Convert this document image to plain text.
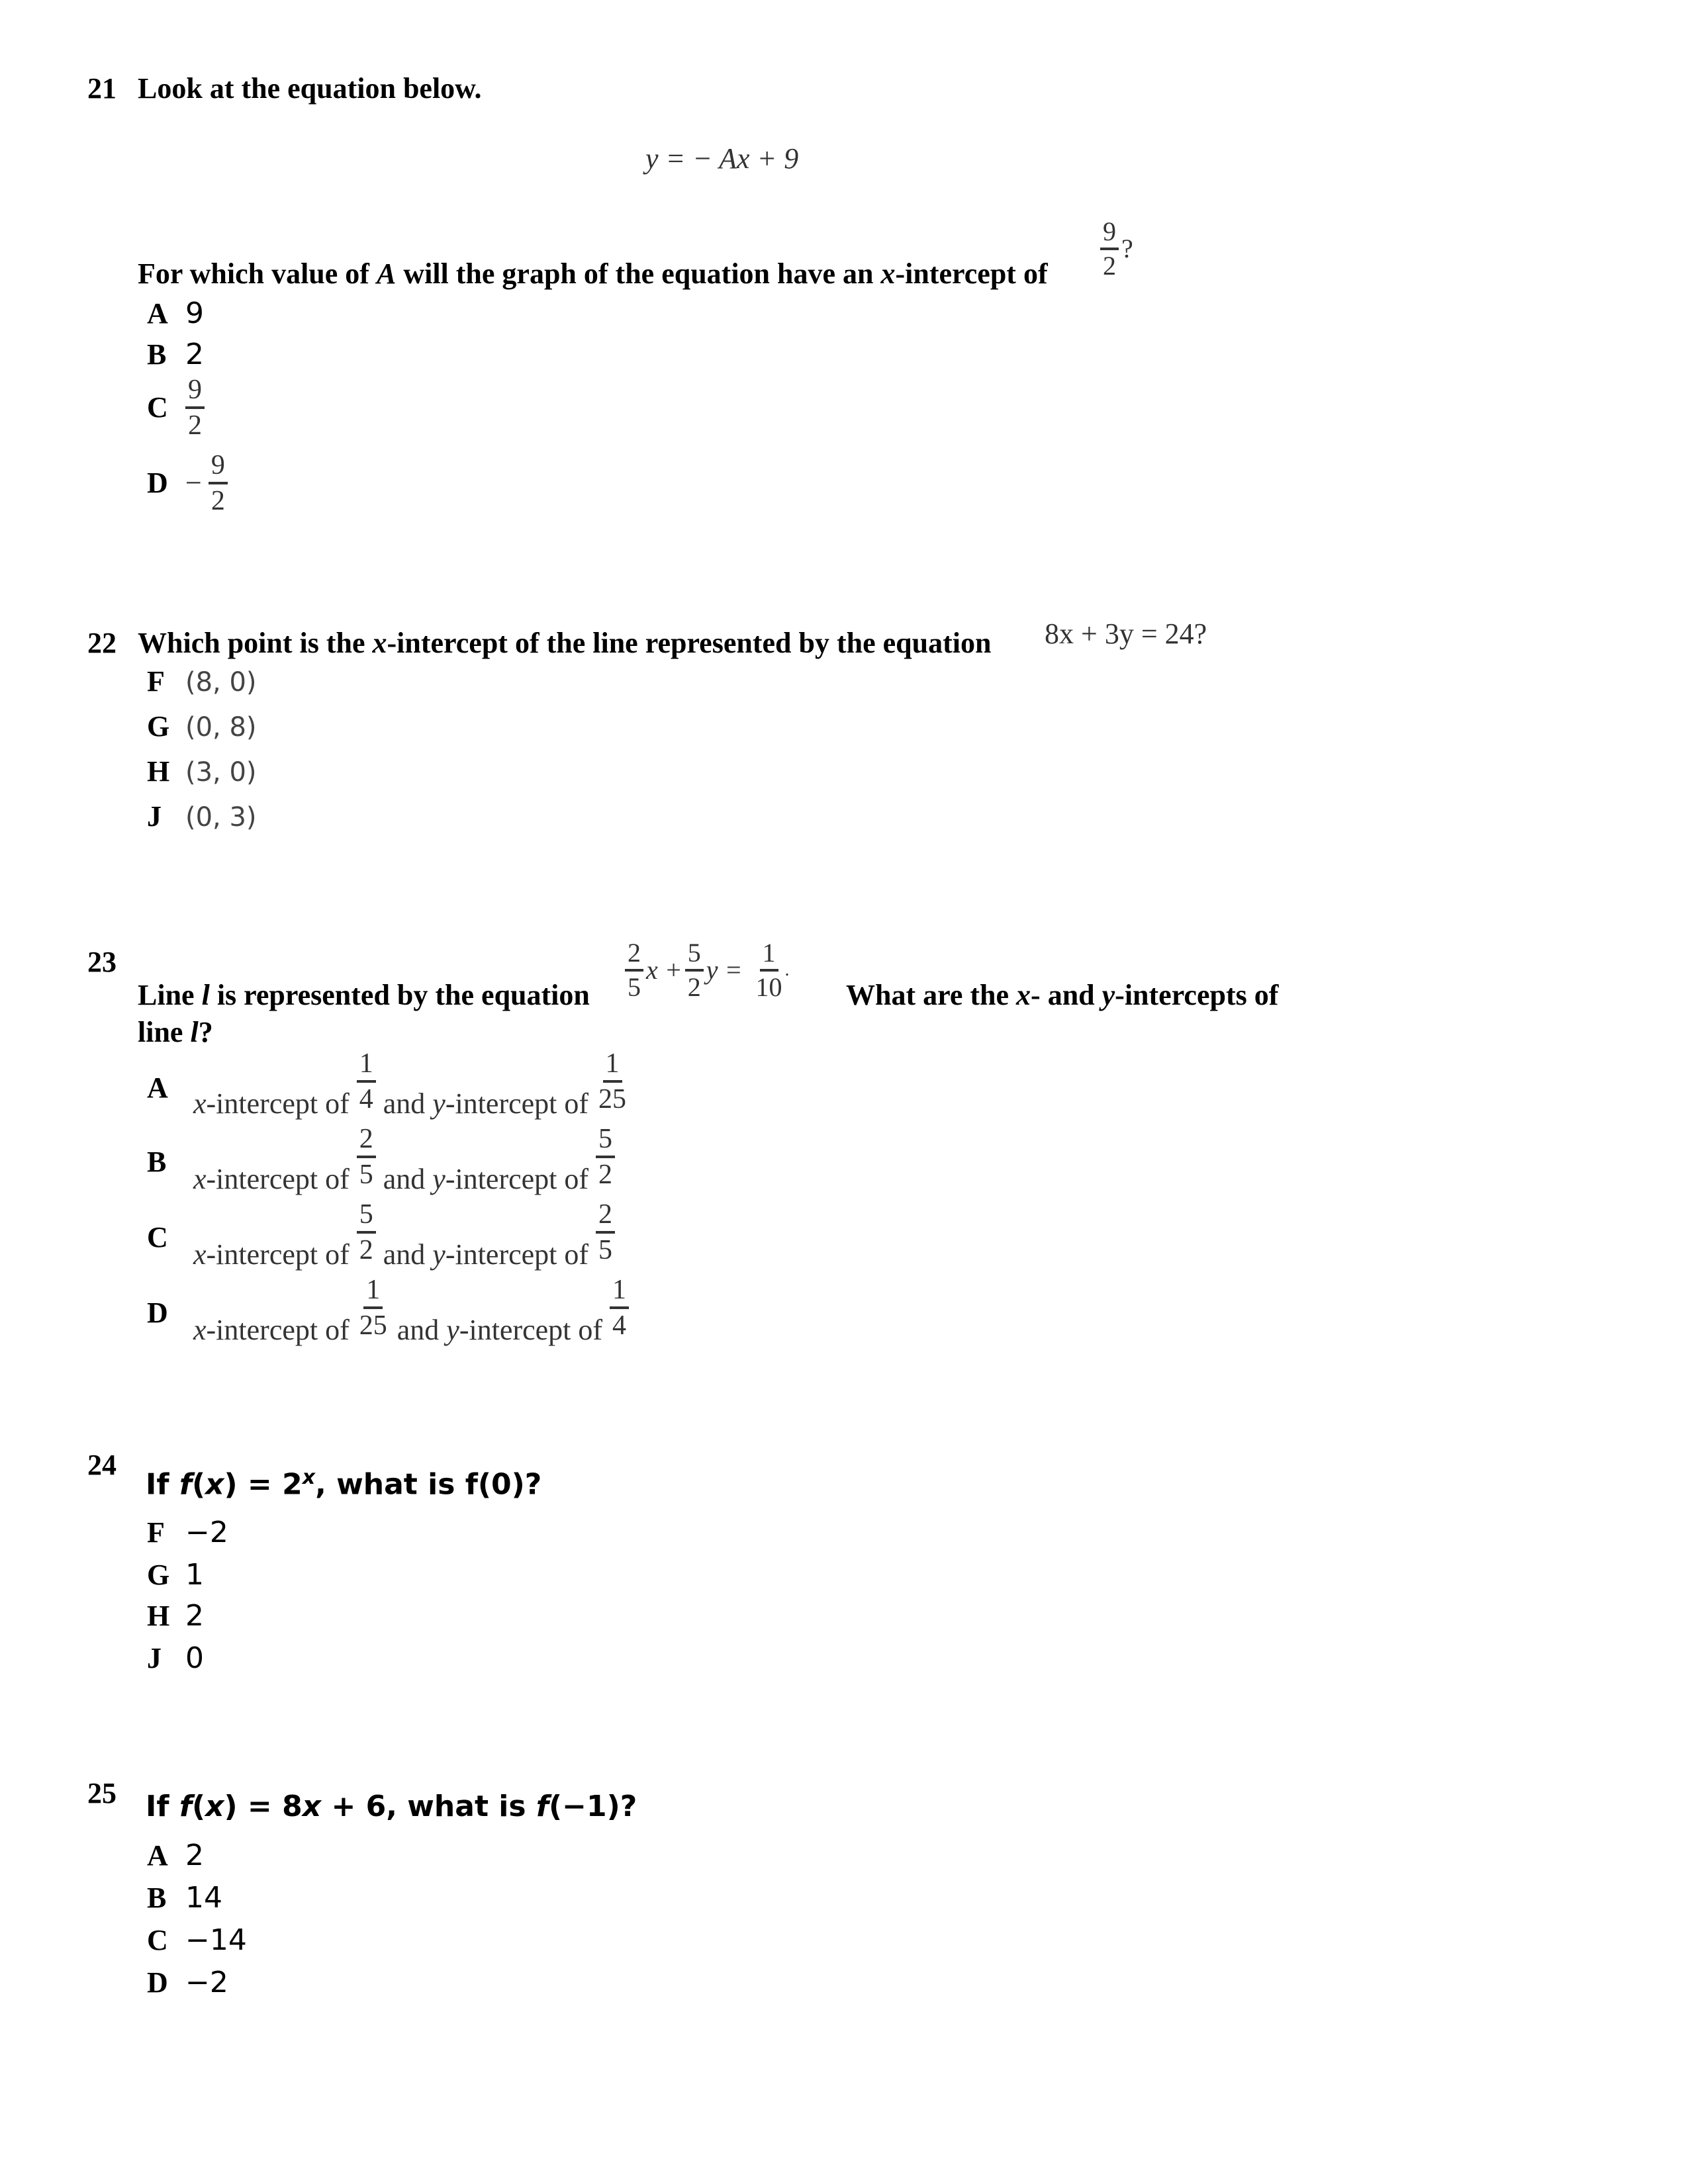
21 Look at the equation below.
y = − Ax + 9
For which value of A will the graph of the equation have an x-intercept of $\frac{9}{2}$ ?
A 9
B 2
C $\frac{9}{2}$
$D - \frac{9}{2}$
22 Which point is the x-intercept of the line represented by the equation 8x + 3y = 24?
F (8, 0)
G (0, 8)
H (3, 0)
J (0, 3)
23
Line l is represented by the equation $\frac{2}{5}$ $x + \frac{5}{2}$ $y = \frac{1}{10}$ .
What are the x- and y-intercepts of
line l?
A x-intercept of $\frac{1}{4}$ and y-intercept of $\frac{1}{25}$
B
x-intercept of $\frac{2}{5}$ and y-intercept of $\frac{5}{2}$
C
x-intercept of $\frac{5}{2}$ and y-intercept of $\frac{2}{5}$
D
x-intercept of $\frac{1}{25}$ and y-intercept of $\frac{1}{4}$
24
If $f(x) = 2^x$, what is f(0)?
F −2
G 1
H 2
J 0
25 If f(x) = 8x + 6, what is f(−1)?
A 2
B 14
C −14
D −2
